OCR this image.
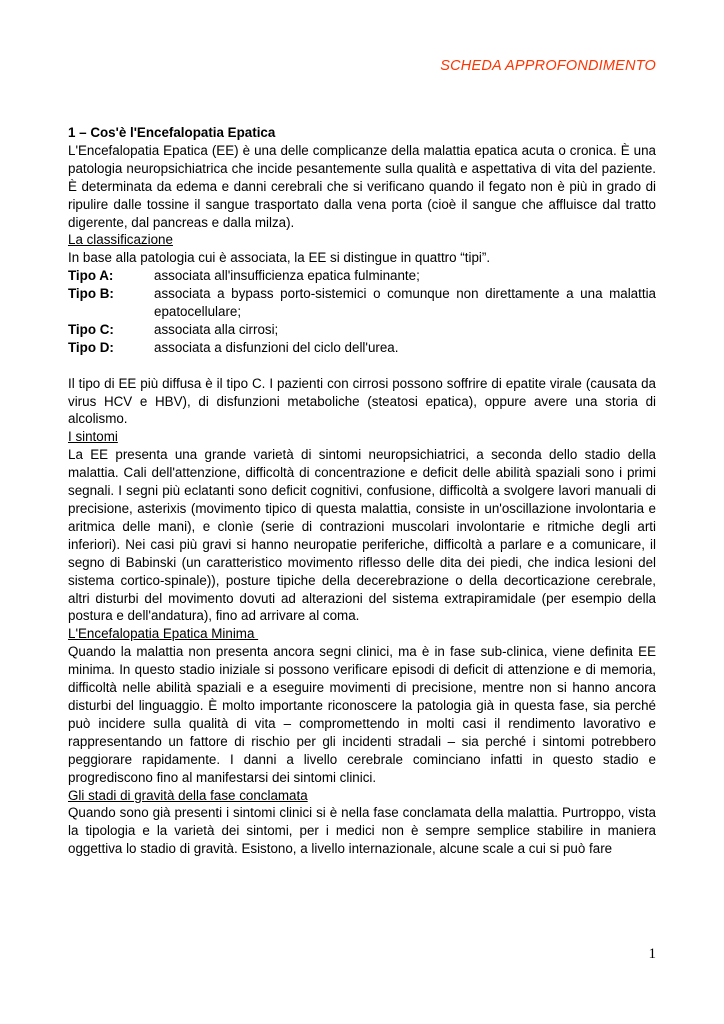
SCHEDA APPROFONDIMENTO

1 – Cos'è l'Encefalopatia Epatica

L'Encefalopatia Epatica (EE) è una delle complicanze della malattia epatica acuta o cronica. È una patologia neuropsichiatrica che incide pesantemente sulla qualità e aspettativa di vita del paziente. È determinata da edema e danni cerebrali che si verificano quando il fegato non è più in grado di ripulire dalle tossine il sangue trasportato dalla vena porta (cioè il sangue che affluisce dal tratto digerente, dal pancreas e dalla milza).

La classificazione

In base alla patologia cui è associata, la EE si distingue in quattro “tipi”.

Tipo A:	associata all'insufficienza epatica fulminante;
Tipo B:	associata a bypass porto-sistemici o comunque non direttamente a una malattia epatocellulare;
Tipo C:	associata alla cirrosi;
Tipo D:	associata a disfunzioni del ciclo dell'urea.

Il tipo di EE più diffusa è il tipo C. I pazienti con cirrosi possono soffrire di epatite virale (causata da virus HCV e HBV), di disfunzioni metaboliche (steatosi epatica), oppure avere una storia di alcolismo.

I sintomi

La EE presenta una grande varietà di sintomi neuropsichiatrici, a seconda dello stadio della malattia. Cali dell'attenzione, difficoltà di concentrazione e deficit delle abilità spaziali sono i primi segnali. I segni più eclatanti sono deficit cognitivi, confusione, difficoltà a svolgere lavori manuali di precisione, asterixis (movimento tipico di questa malattia, consiste in un'oscillazione involontaria e aritmica delle mani), e clonìe (serie di contrazioni muscolari involontarie e ritmiche degli arti inferiori). Nei casi più gravi si hanno neuropatie periferiche, difficoltà a parlare e a comunicare, il segno di Babinski (un caratteristico movimento riflesso delle dita dei piedi, che indica lesioni del sistema cortico-spinale)), posture tipiche della decerebrazione o della decorticazione cerebrale, altri disturbi del movimento dovuti ad alterazioni del sistema extrapiramidale (per esempio della postura e dell'andatura), fino ad arrivare al coma.

L'Encefalopatia Epatica Minima

Quando la malattia non presenta ancora segni clinici, ma è in fase sub-clinica, viene definita EE minima. In questo stadio iniziale si possono verificare episodi di deficit di attenzione e di memoria, difficoltà nelle abilità spaziali e a eseguire movimenti di precisione, mentre non si hanno ancora disturbi del linguaggio. È molto importante riconoscere la patologia già in questa fase, sia perché può incidere sulla qualità di vita – compromettendo in molti casi il rendimento lavorativo e rappresentando un fattore di rischio per gli incidenti stradali – sia perché i sintomi potrebbero peggiorare rapidamente. I danni a livello cerebrale cominciano infatti in questo stadio e progrediscono fino al manifestarsi dei sintomi clinici.

Gli stadi di gravità della fase conclamata

Quando sono già presenti i sintomi clinici si è nella fase conclamata della malattia. Purtroppo, vista la tipologia e la varietà dei sintomi, per i medici non è sempre semplice stabilire in maniera oggettiva lo stadio di gravità. Esistono, a livello internazionale, alcune scale a cui si può fare

1
